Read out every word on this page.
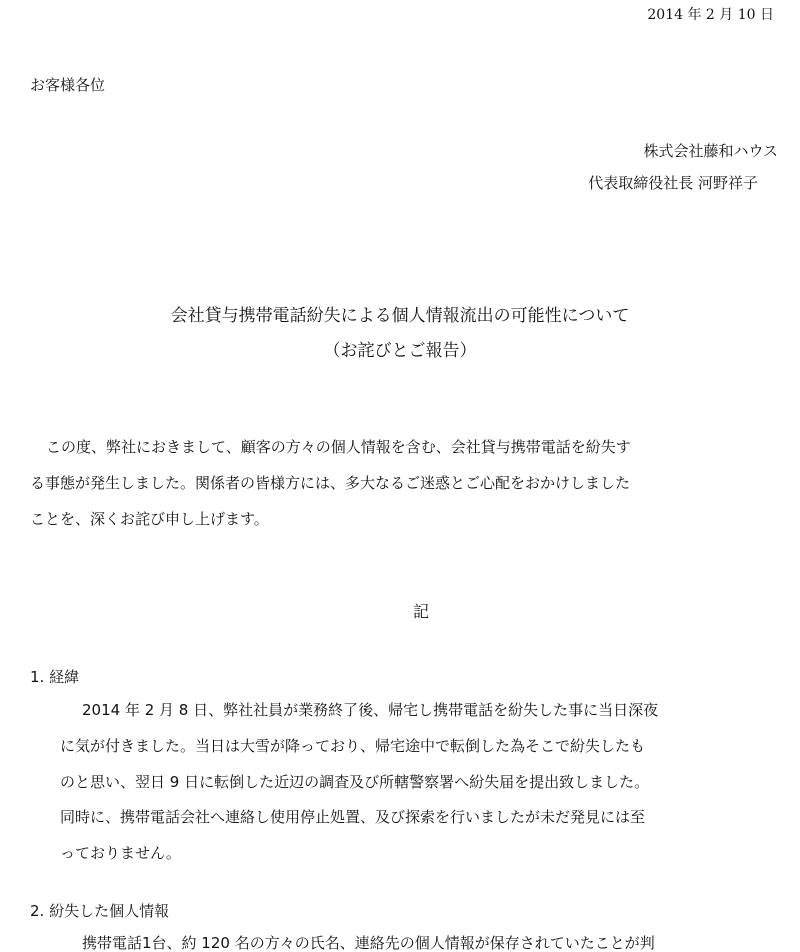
2014 年 2 月 10 日
お客様各位
株式会社藤和ハウス
代表取締役社長 河野祥子
会社貸与携帯電話紛失による個人情報流出の可能性について
（お詫びとご報告）
この度、弊社におきまして、顧客の方々の個人情報を含む、会社貸与携帯電話を紛失す
る事態が発生しました。関係者の皆様方には、多大なるご迷惑とご心配をおかけしました
ことを、深くお詫び申し上げます。
記
1. 経緯
2014 年 2 月 8 日、弊社社員が業務終了後、帰宅し携帯電話を紛失した事に当日深夜
に気が付きました。当日は大雪が降っており、帰宅途中で転倒した為そこで紛失したも
のと思い、翌日 9 日に転倒した近辺の調査及び所轄警察署へ紛失届を提出致しました。
同時に、携帯電話会社へ連絡し使用停止処置、及び探索を行いましたが未だ発見には至
っておりません。
2. 紛失した個人情報
携帯電話1台、約 120 名の方々の氏名、連絡先の個人情報が保存されていたことが判
